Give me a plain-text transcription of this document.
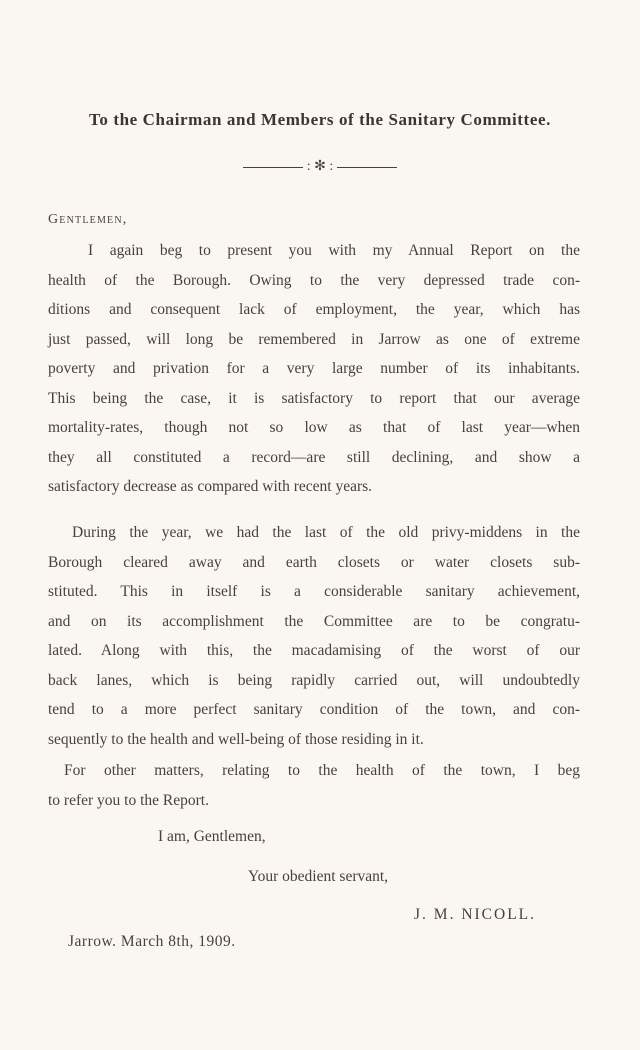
To the Chairman and Members of the Sanitary Committee.
: ✻ :
Gentlemen,
I again beg to present you with my Annual Report on the
health of the Borough. Owing to the very depressed trade con-
ditions and consequent lack of employment, the year, which has
just passed, will long be remembered in Jarrow as one of extreme
poverty and privation for a very large number of its inhabitants.
This being the case, it is satisfactory to report that our average
mortality-rates, though not so low as that of last year—when
they all constituted a record—are still declining, and show a
satisfactory decrease as compared with recent years.
During the year, we had the last of the old privy-middens in the
Borough cleared away and earth closets or water closets sub-
stituted. This in itself is a considerable sanitary achievement,
and on its accomplishment the Committee are to be congratu-
lated. Along with this, the macadamising of the worst of our
back lanes, which is being rapidly carried out, will undoubtedly
tend to a more perfect sanitary condition of the town, and con-
sequently to the health and well-being of those residing in it.
For other matters, relating to the health of the town, I beg
to refer you to the Report.
I am, Gentlemen,
Your obedient servant,
J. M. NICOLL.
Jarrow. March 8th, 1909.
